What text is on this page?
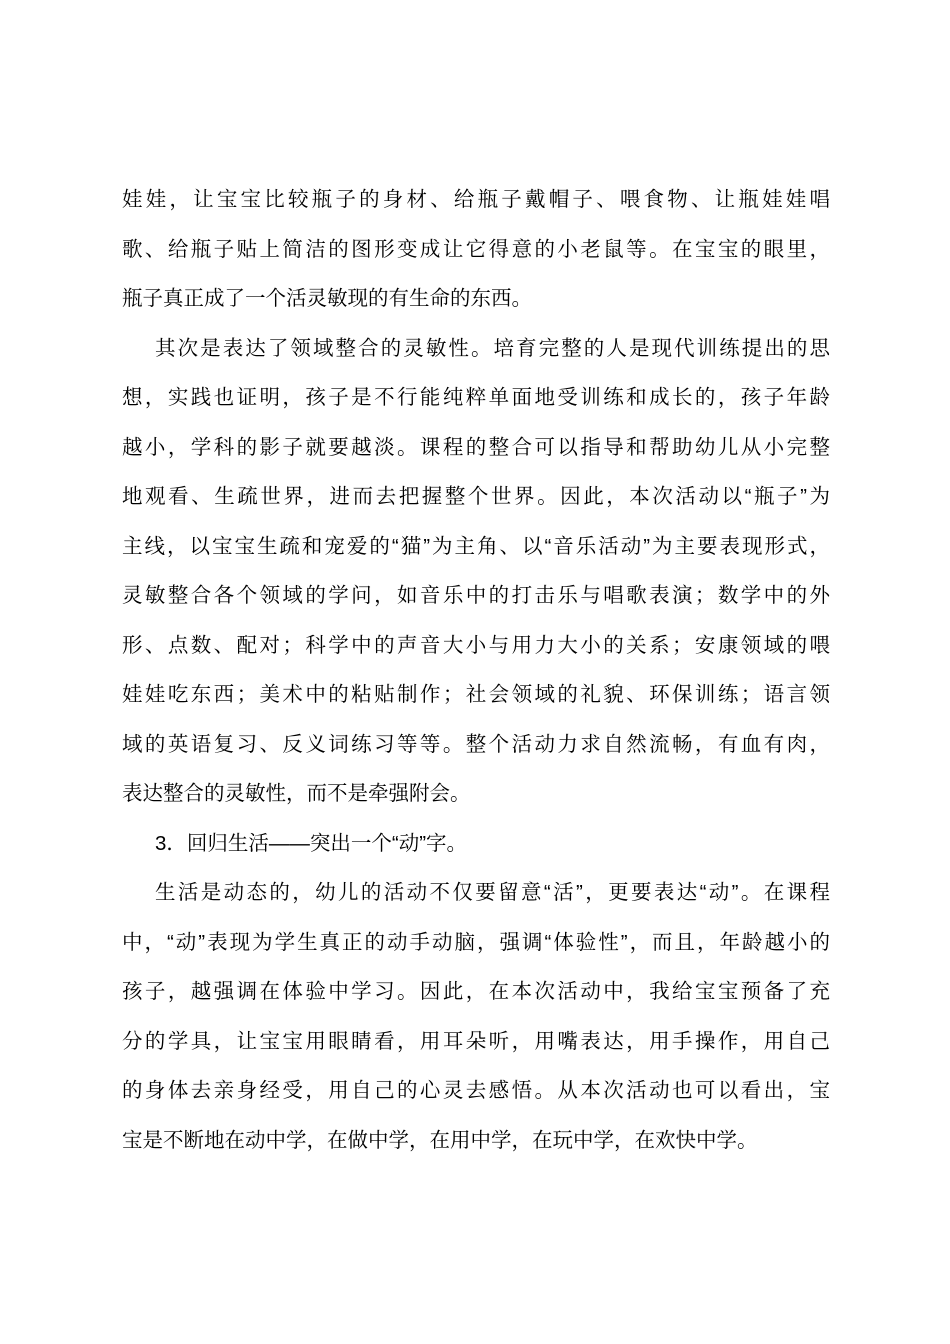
娃娃，让宝宝比较瓶子的身材、给瓶子戴帽子、喂食物、让瓶娃娃唱
歌、给瓶子贴上简洁的图形变成让它得意的小老鼠等。在宝宝的眼里，
瓶子真正成了一个活灵敏现的有生命的东西。
其次是表达了领域整合的灵敏性。培育完整的人是现代训练提出的思
想，实践也证明，孩子是不行能纯粹单面地受训练和成长的，孩子年龄
越小，学科的影子就要越淡。课程的整合可以指导和帮助幼儿从小完整
地观看、生疏世界，进而去把握整个世界。因此，本次活动以“瓶子”为
主线，以宝宝生疏和宠爱的“猫”为主角、以“音乐活动”为主要表现形式，
灵敏整合各个领域的学问，如音乐中的打击乐与唱歌表演；数学中的外
形、点数、配对；科学中的声音大小与用力大小的关系；安康领域的喂
娃娃吃东西；美术中的粘贴制作；社会领域的礼貌、环保训练；语言领
域的英语复习、反义词练习等等。整个活动力求自然流畅，有血有肉，
表达整合的灵敏性，而不是牵强附会。
3．回归生活——突出一个“动”字。
生活是动态的，幼儿的活动不仅要留意“活”，更要表达“动”。在课程
中，“动”表现为学生真正的动手动脑，强调“体验性”，而且，年龄越小的
孩子，越强调在体验中学习。因此，在本次活动中，我给宝宝预备了充
分的学具，让宝宝用眼睛看，用耳朵听，用嘴表达，用手操作，用自己
的身体去亲身经受，用自己的心灵去感悟。从本次活动也可以看出，宝
宝是不断地在动中学，在做中学，在用中学，在玩中学，在欢快中学。
